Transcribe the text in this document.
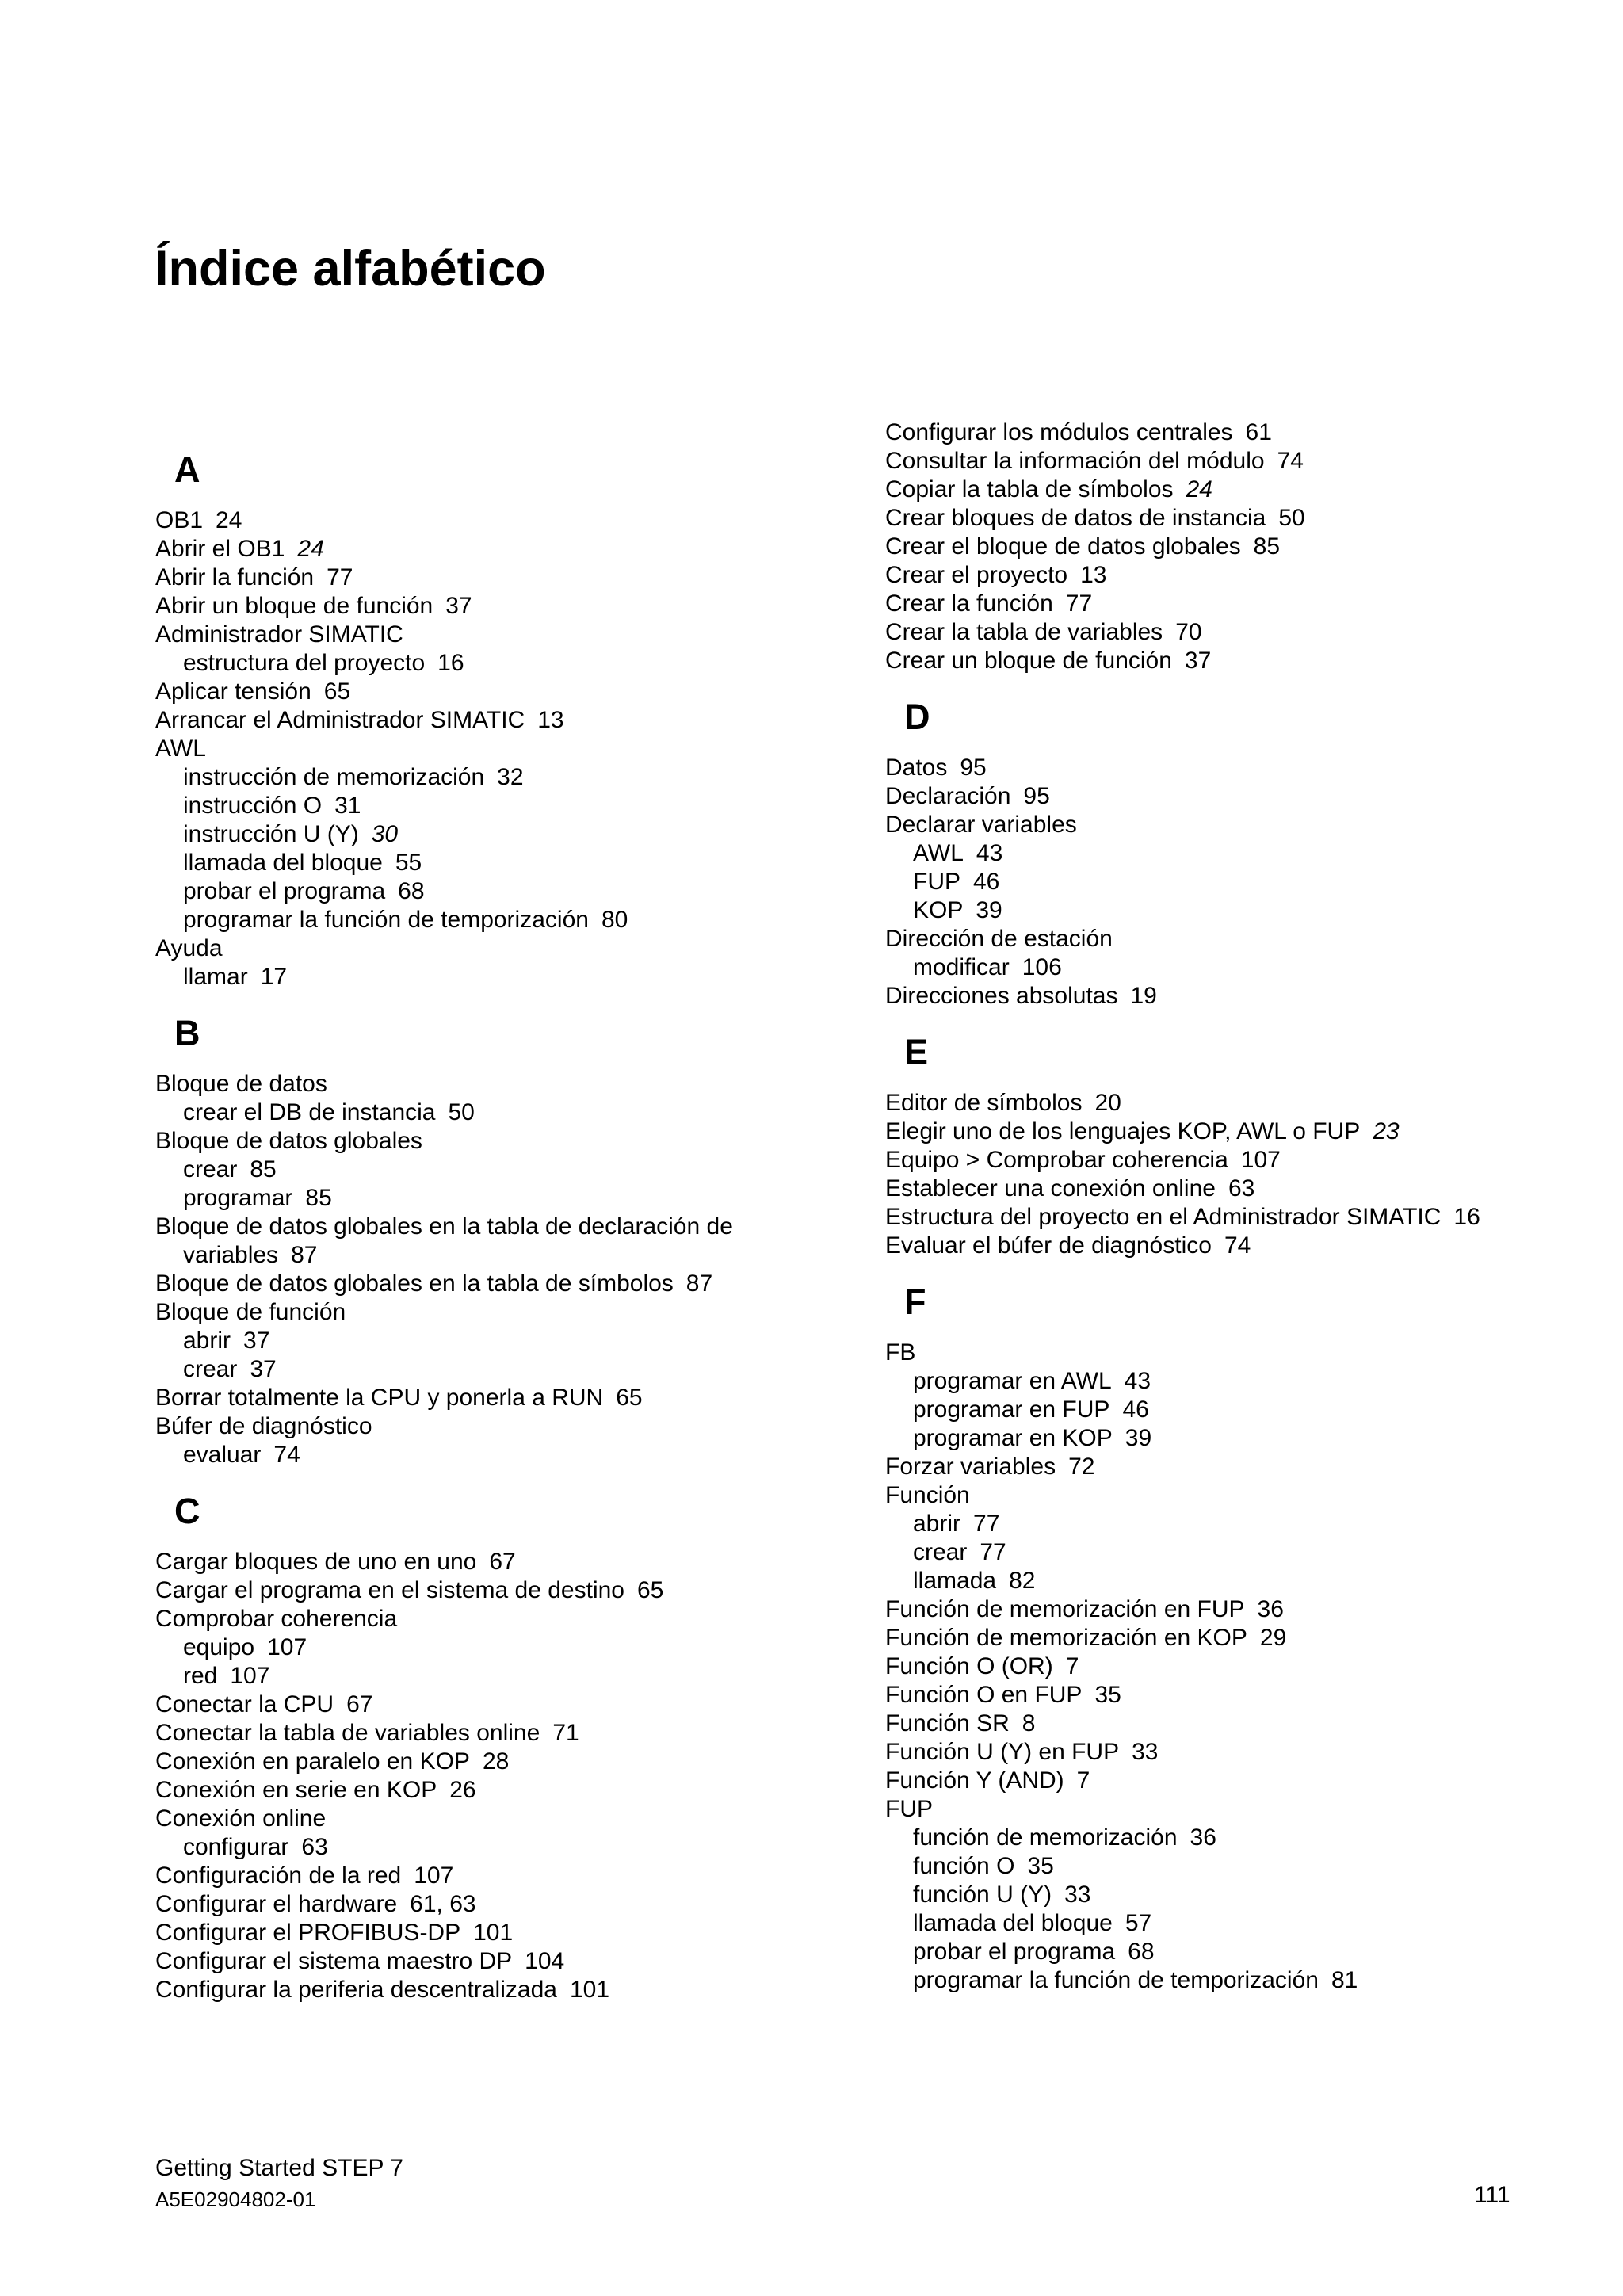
Índice alfabético
A
OB1 24
Abrir el OB1 24
Abrir la función 77
Abrir un bloque de función 37
Administrador SIMATIC
estructura del proyecto 16
Aplicar tensión 65
Arrancar el Administrador SIMATIC 13
AWL
instrucción de memorización 32
instrucción O 31
instrucción U (Y) 30
llamada del bloque 55
probar el programa 68
programar la función de temporización 80
Ayuda
llamar 17
B
Bloque de datos
crear el DB de instancia 50
Bloque de datos globales
crear 85
programar 85
Bloque de datos globales en la tabla de declaración de
variables 87
Bloque de datos globales en la tabla de símbolos 87
Bloque de función
abrir 37
crear 37
Borrar totalmente la CPU y ponerla a RUN 65
Búfer de diagnóstico
evaluar 74
C
Cargar bloques de uno en uno 67
Cargar el programa en el sistema de destino 65
Comprobar coherencia
equipo 107
red 107
Conectar la CPU 67
Conectar la tabla de variables online 71
Conexión en paralelo en KOP 28
Conexión en serie en KOP 26
Conexión online
configurar 63
Configuración de la red 107
Configurar el hardware 61, 63
Configurar el PROFIBUS-DP 101
Configurar el sistema maestro DP 104
Configurar la periferia descentralizada 101
Configurar los módulos centrales 61
Consultar la información del módulo 74
Copiar la tabla de símbolos 24
Crear bloques de datos de instancia 50
Crear el bloque de datos globales 85
Crear el proyecto 13
Crear la función 77
Crear la tabla de variables 70
Crear un bloque de función 37
D
Datos 95
Declaración 95
Declarar variables
AWL 43
FUP 46
KOP 39
Dirección de estación
modificar 106
Direcciones absolutas 19
E
Editor de símbolos 20
Elegir uno de los lenguajes KOP, AWL o FUP 23
Equipo > Comprobar coherencia 107
Establecer una conexión online 63
Estructura del proyecto en el Administrador SIMATIC 16
Evaluar el búfer de diagnóstico 74
F
FB
programar en AWL 43
programar en FUP 46
programar en KOP 39
Forzar variables 72
Función
abrir 77
crear 77
llamada 82
Función de memorización en FUP 36
Función de memorización en KOP 29
Función O (OR) 7
Función O en FUP 35
Función SR 8
Función U (Y) en FUP 33
Función Y (AND) 7
FUP
función de memorización 36
función O 35
función U (Y) 33
llamada del bloque 57
probar el programa 68
programar la función de temporización 81
Getting Started STEP 7
A5E02904802-01	111
